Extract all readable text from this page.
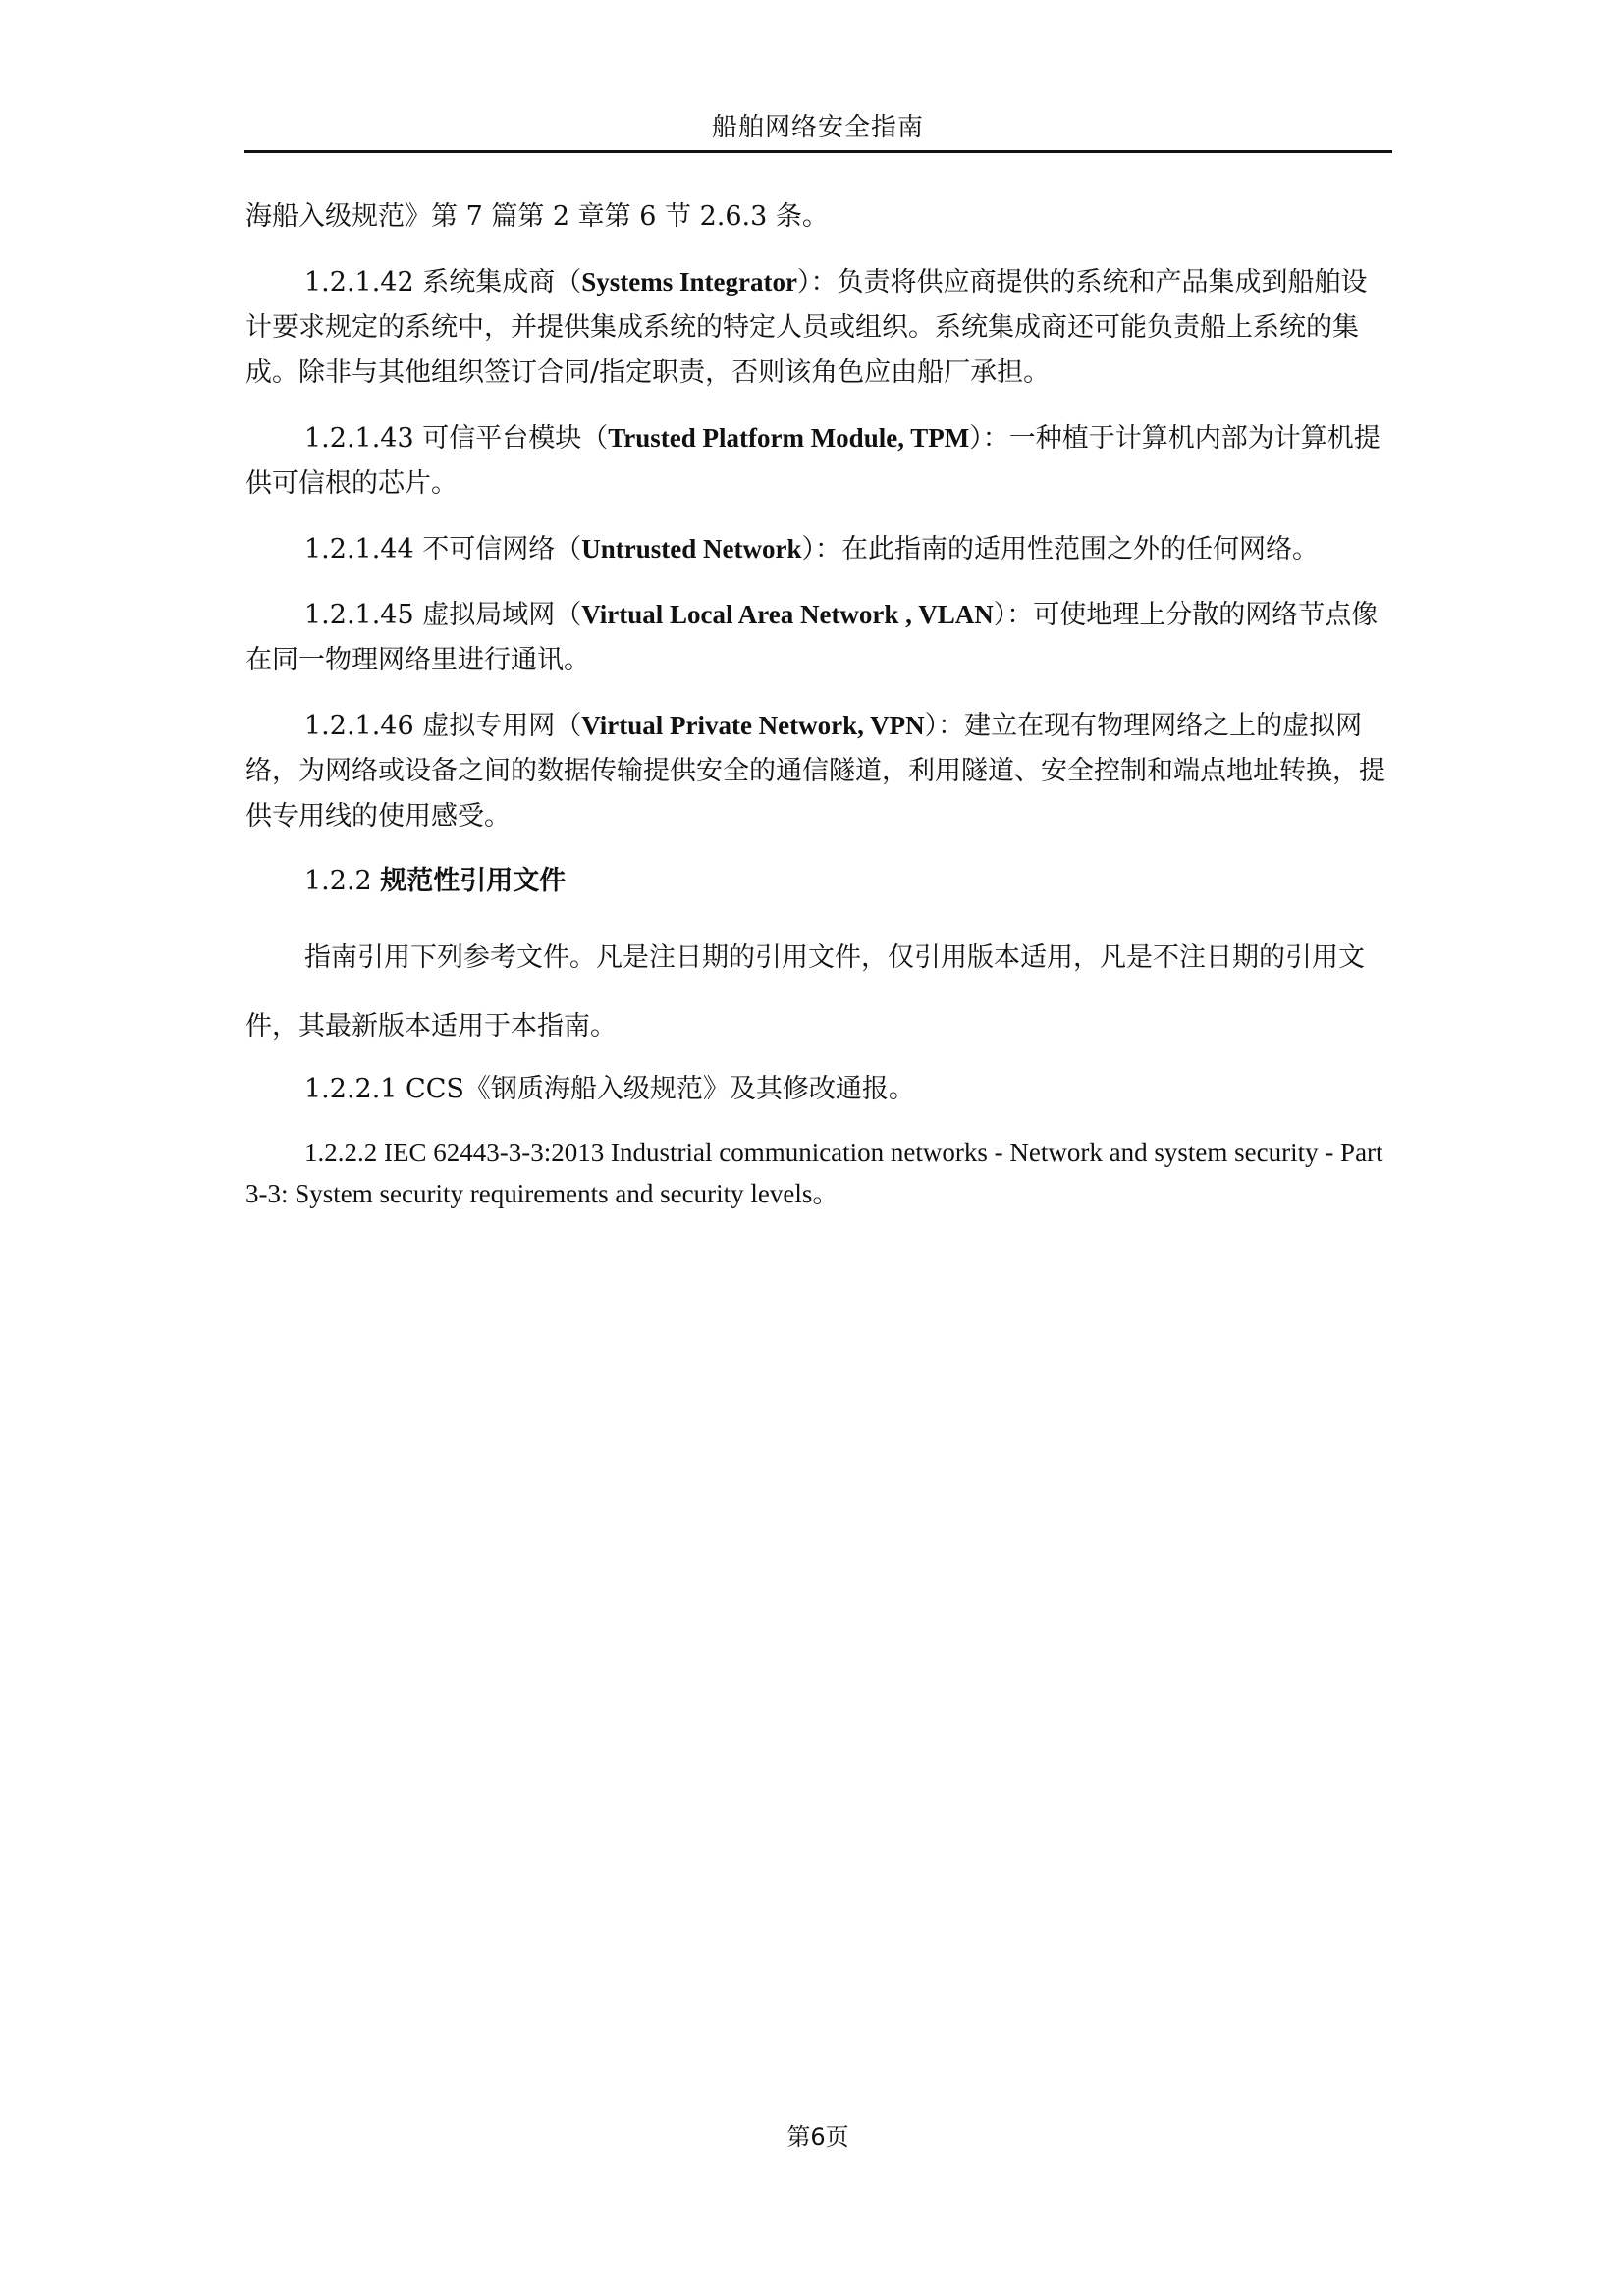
船舶网络安全指南

海船入级规范》第 7 篇第 2 章第 6 节 2.6.3 条。

1.2.1.42 系统集成商（Systems Integrator）：负责将供应商提供的系统和产品集成到船舶设计要求规定的系统中，并提供集成系统的特定人员或组织。系统集成商还可能负责船上系统的集成。除非与其他组织签订合同/指定职责，否则该角色应由船厂承担。

1.2.1.43 可信平台模块（Trusted Platform Module, TPM）：一种植于计算机内部为计算机提供可信根的芯片。

1.2.1.44 不可信网络（Untrusted Network）：在此指南的适用性范围之外的任何网络。

1.2.1.45 虚拟局域网（Virtual Local Area Network , VLAN）：可使地理上分散的网络节点像在同一物理网络里进行通讯。

1.2.1.46 虚拟专用网（Virtual Private Network, VPN）：建立在现有物理网络之上的虚拟网络，为网络或设备之间的数据传输提供安全的通信隧道，利用隧道、安全控制和端点地址转换，提供专用线的使用感受。

1.2.2 规范性引用文件

指南引用下列参考文件。凡是注日期的引用文件，仅引用版本适用，凡是不注日期的引用文件，其最新版本适用于本指南。

1.2.2.1 CCS《钢质海船入级规范》及其修改通报。

1.2.2.2 IEC 62443-3-3:2013 Industrial communication networks - Network and system security - Part 3-3: System security requirements and security levels。

第6页
